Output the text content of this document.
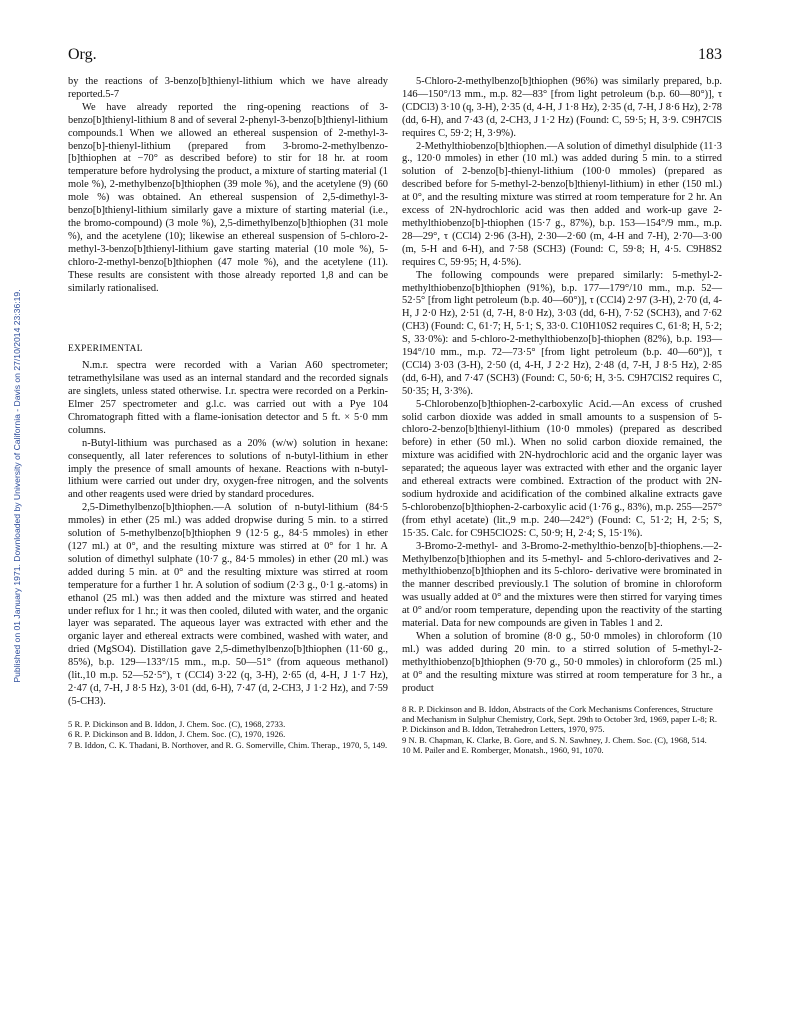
Org.	183
Published on 01 January 1971. Downloaded by University of California - Davis on 27/10/2014 23:36:19.

by the reactions of 3-benzo[b]thienyl-lithium which we have already reported.5-7

We have already reported the ring-opening reactions of 3-benzo[b]thienyl-lithium 8 and of several 2-phenyl-3-benzo[b]thienyl-lithium compounds.1 When we allowed an ethereal suspension of 2-methyl-3-benzo[b]-thienyl-lithium (prepared from 3-bromo-2-methylbenzo-[b]thiophen at −70° as described before) to stir for 18 hr. at room temperature before hydrolysing the product, a mixture of starting material (1 mole %), 2-methylbenzo[b]thiophen (39 mole %), and the acetylene (9) (60 mole %) was obtained. An ethereal suspension of 2,5-dimethyl-3-benzo[b]thienyl-lithium similarly gave a mixture of starting material (i.e., the bromo-compound) (3 mole %), 2,5-dimethylbenzo[b]thiophen (31 mole %), and the acetylene (10); likewise an ethereal suspension of 5-chloro-2-methyl-3-benzo[b]thienyl-lithium gave starting material (10 mole %), 5-chloro-2-methyl-benzo[b]thiophen (47 mole %), and the acetylene (11). These results are consistent with those already reported 1,8 and can be similarly rationalised.

EXPERIMENTAL

N.m.r. spectra were recorded with a Varian A60 spectrometer; tetramethylsilane was used as an internal standard and the recorded signals are singlets, unless stated otherwise. I.r. spectra were recorded on a Perkin-Elmer 257 spectrometer and g.l.c. was carried out with a Pye 104 Chromatograph fitted with a flame-ionisation detector and 5 ft. × 5·0 mm columns.

n-Butyl-lithium was purchased as a 20% (w/w) solution in hexane: consequently, all later references to solutions of n-butyl-lithium in ether imply the presence of small amounts of hexane. Reactions with n-butyl-lithium were carried out under dry, oxygen-free nitrogen, and the solvents and other reagents used were dried by standard procedures.

2,5-Dimethylbenzo[b]thiophen.—A solution of n-butyl-lithium (84·5 mmoles) in ether (25 ml.) was added dropwise during 5 min. to a stirred solution of 5-methylbenzo[b]thiophen 9 (12·5 g., 84·5 mmoles) in ether (127 ml.) at 0°, and the resulting mixture was stirred at 0° for 1 hr. A solution of dimethyl sulphate (10·7 g., 84·5 mmoles) in ether (20 ml.) was added during 5 min. at 0° and the resulting mixture was stirred at room temperature for a further 1 hr. A solution of sodium (2·3 g., 0·1 g.-atoms) in ethanol (25 ml.) was then added and the mixture was stirred and heated under reflux for 1 hr.; it was then cooled, diluted with water, and the organic layer was separated. The aqueous layer was extracted with ether and the organic layer and ethereal extracts were combined, washed with water, and dried (MgSO4). Distillation gave 2,5-dimethylbenzo[b]thiophen (11·60 g., 85%), b.p. 129—133°/15 mm., m.p. 50—51° (from aqueous methanol) (lit.,10 m.p. 52—52·5°), τ (CCl4) 3·22 (q, 3-H), 2·65 (d, 4-H, J 1·7 Hz), 2·47 (d, 7-H, J 8·5 Hz), 3·01 (dd, 6-H), 7·47 (d, 2-CH3, J 1·2 Hz), and 7·59 (5-CH3).

5 R. P. Dickinson and B. Iddon, J. Chem. Soc. (C), 1968, 2733.
6 R. P. Dickinson and B. Iddon, J. Chem. Soc. (C), 1970, 1926.
7 B. Iddon, C. K. Thadani, B. Northover, and R. G. Somerville, Chim. Therap., 1970, 5, 149.

5-Chloro-2-methylbenzo[b]thiophen (96%) was similarly prepared, b.p. 146—150°/13 mm., m.p. 82—83° [from light petroleum (b.p. 60—80°)], τ (CDCl3) 3·10 (q, 3-H), 2·35 (d, 4-H, J 1·8 Hz), 2·35 (d, 7-H, J 8·6 Hz), 2·78 (dd, 6-H), and 7·43 (d, 2-CH3, J 1·2 Hz) (Found: C, 59·5; H, 3·9. C9H7ClS requires C, 59·2; H, 3·9%).

2-Methylthiobenzo[b]thiophen.—A solution of dimethyl disulphide (11·3 g., 120·0 mmoles) in ether (10 ml.) was added during 5 min. to a stirred solution of 2-benzo[b]-thienyl-lithium (100·0 mmoles) (prepared as described before for 5-methyl-2-benzo[b]thienyl-lithium) in ether (150 ml.) at 0°, and the resulting mixture was stirred at room temperature for 2 hr. An excess of 2N-hydrochloric acid was then added and work-up gave 2-methylthiobenzo[b]-thiophen (15·7 g., 87%), b.p. 153—154°/9 mm., m.p. 28—29°, τ (CCl4) 2·96 (3-H), 2·30—2·60 (m, 4-H and 7-H), 2·70—3·00 (m, 5-H and 6-H), and 7·58 (SCH3) (Found: C, 59·8; H, 4·5. C9H8S2 requires C, 59·95; H, 4·5%).

The following compounds were prepared similarly: 5-methyl-2-methylthiobenzo[b]thiophen (91%), b.p. 177—179°/10 mm., m.p. 52—52·5° [from light petroleum (b.p. 40—60°)], τ (CCl4) 2·97 (3-H), 2·70 (d, 4-H, J 2·0 Hz), 2·51 (d, 7-H, 8·0 Hz), 3·03 (dd, 6-H), 7·52 (SCH3), and 7·62 (CH3) (Found: C, 61·7; H, 5·1; S, 33·0. C10H10S2 requires C, 61·8; H, 5·2; S, 33·0%): and 5-chloro-2-methylthiobenzo[b]-thiophen (82%), b.p. 193—194°/10 mm., m.p. 72—73·5° [from light petroleum (b.p. 40—60°)], τ (CCl4) 3·03 (3-H), 2·50 (d, 4-H, J 2·2 Hz), 2·48 (d, 7-H, J 8·5 Hz), 2·85 (dd, 6-H), and 7·47 (SCH3) (Found: C, 50·6; H, 3·5. C9H7ClS2 requires C, 50·35; H, 3·3%).

5-Chlorobenzo[b]thiophen-2-carboxylic Acid.—An excess of crushed solid carbon dioxide was added in small amounts to a suspension of 5-chloro-2-benzo[b]thienyl-lithium (10·0 mmoles) (prepared as described before) in ether (50 ml.). When no solid carbon dioxide remained, the mixture was acidified with 2N-hydrochloric acid and the organic layer was separated; the aqueous layer was extracted with ether and the organic layer and ethereal extracts were combined. Extraction of the product with 2N-sodium hydroxide and acidification of the combined alkaline extracts gave 5-chlorobenzo[b]thiophen-2-carboxylic acid (1·76 g., 83%), m.p. 255—257° (from ethyl acetate) (lit.,9 m.p. 240—242°) (Found: C, 51·2; H, 2·5; S, 15·35. Calc. for C9H5ClO2S: C, 50·9; H, 2·4; S, 15·1%).

3-Bromo-2-methyl- and 3-Bromo-2-methylthio-benzo[b]-thiophens.—2-Methylbenzo[b]thiophen and its 5-methyl- and 5-chloro-derivatives and 2-methylthiobenzo[b]thiophen and its 5-chloro- derivative were brominated in the manner described previously.1 The solution of bromine in chloroform was usually added at 0° and the mixtures were then stirred for varying times at 0° and/or room temperature, depending upon the reactivity of the starting material. Data for new compounds are given in Tables 1 and 2.

When a solution of bromine (8·0 g., 50·0 mmoles) in chloroform (10 ml.) was added during 20 min. to a stirred solution of 5-methyl-2-methylthiobenzo[b]thiophen (9·70 g., 50·0 mmoles) in chloroform (25 ml.) at 0° and the resulting mixture was stirred at room temperature for 3 hr., a product

8 R. P. Dickinson and B. Iddon, Abstracts of the Cork Mechanisms Conferences, Structure and Mechanism in Sulphur Chemistry, Cork, Sept. 29th to October 3rd, 1969, paper L-8; R. P. Dickinson and B. Iddon, Tetrahedron Letters, 1970, 975.
9 N. B. Chapman, K. Clarke, B. Gore, and S. N. Sawhney, J. Chem. Soc. (C), 1968, 514.
10 M. Pailer and E. Romberger, Monatsh., 1960, 91, 1070.
